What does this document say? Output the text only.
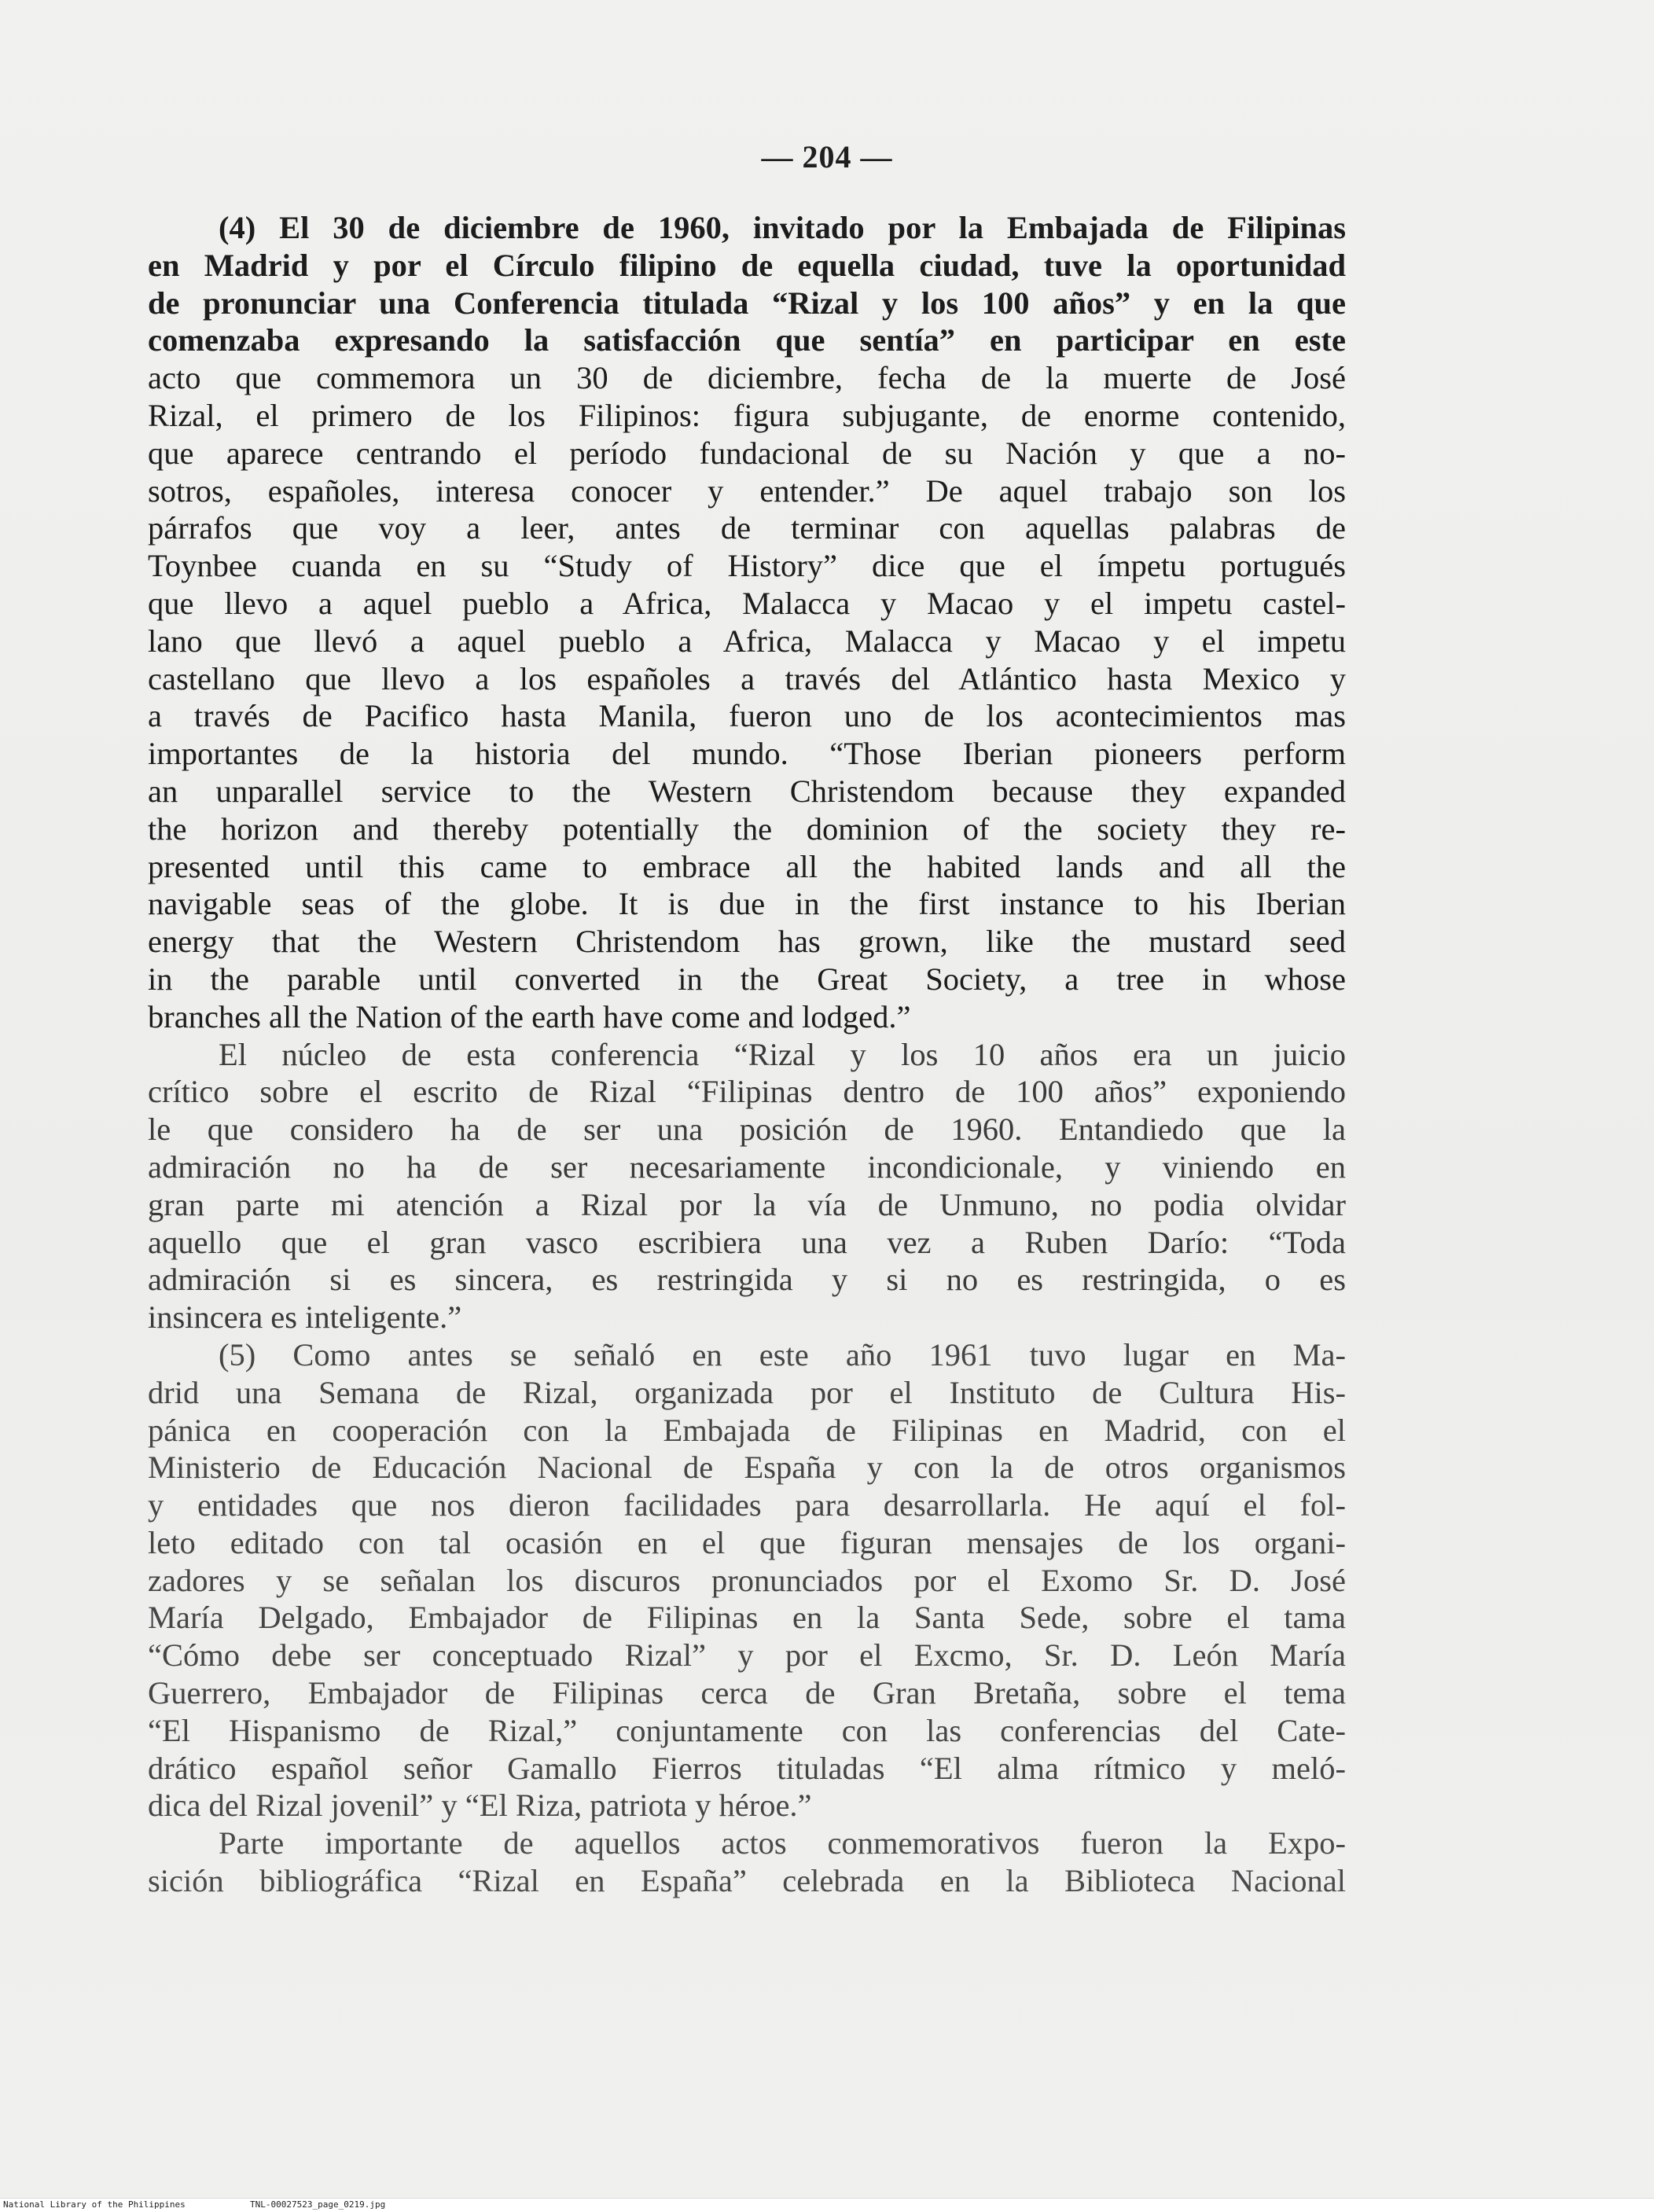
— 204 —
(4) El 30 de diciembre de 1960, invitado por la Embajada de Filipinas
en Madrid y por el Círculo filipino de equella ciudad, tuve la oportunidad
de pronunciar una Conferencia titulada “Rizal y los 100 años” y en la que
comenzaba expresando la satisfacción que sentía” en participar en este
acto que commemora un 30 de diciembre, fecha de la muerte de José
Rizal, el primero de los Filipinos: figura subjugante, de enorme contenido,
que aparece centrando el período fundacional de su Nación y que a no-
sotros, españoles, interesa conocer y entender.” De aquel trabajo son los
párrafos que voy a leer, antes de terminar con aquellas palabras de
Toynbee cuanda en su “Study of History” dice que el ímpetu portugués
que llevo a aquel pueblo a Africa, Malacca y Macao y el impetu castel-
lano que llevó a aquel pueblo a Africa, Malacca y Macao y el impetu
castellano que llevo a los españoles a través del Atlántico hasta Mexico y
a través de Pacifico hasta Manila, fueron uno de los acontecimientos mas
importantes de la historia del mundo. “Those Iberian pioneers perform
an unparallel service to the Western Christendom because they expanded
the horizon and thereby potentially the dominion of the society they re-
presented until this came to embrace all the habited lands and all the
navigable seas of the globe. It is due in the first instance to his Iberian
energy that the Western Christendom has grown, like the mustard seed
in the parable until converted in the Great Society, a tree in whose
branches all the Nation of the earth have come and lodged.”
El núcleo de esta conferencia “Rizal y los 10 años era un juicio
crítico sobre el escrito de Rizal “Filipinas dentro de 100 años” exponiendo
le que considero ha de ser una posición de 1960. Entandiedo que la
admiración no ha de ser necesariamente incondicionale, y viniendo en
gran parte mi atención a Rizal por la vía de Unmuno, no podia olvidar
aquello que el gran vasco escribiera una vez a Ruben Darío: “Toda
admiración si es sincera, es restringida y si no es restringida, o es
insincera es inteligente.”
(5) Como antes se señaló en este año 1961 tuvo lugar en Ma-
drid una Semana de Rizal, organizada por el Instituto de Cultura His-
pánica en cooperación con la Embajada de Filipinas en Madrid, con el
Ministerio de Educación Nacional de España y con la de otros organismos
y entidades que nos dieron facilidades para desarrollarla. He aquí el fol-
leto editado con tal ocasión en el que figuran mensajes de los organi-
zadores y se señalan los discuros pronunciados por el Exomo Sr. D. José
María Delgado, Embajador de Filipinas en la Santa Sede, sobre el tama
“Cómo debe ser conceptuado Rizal” y por el Excmo, Sr. D. León María
Guerrero, Embajador de Filipinas cerca de Gran Bretaña, sobre el tema
“El Hispanismo de Rizal,” conjuntamente con las conferencias del Cate-
drático español señor Gamallo Fierros tituladas “El alma rítmico y meló-
dica del Rizal jovenil” y “El Riza, patriota y héroe.”
Parte importante de aquellos actos conmemorativos fueron la Expo-
sición bibliográfica “Rizal en España” celebrada en la Biblioteca Nacional
National Library of the Philippines	TNL-00027523_page_0219.jpg
